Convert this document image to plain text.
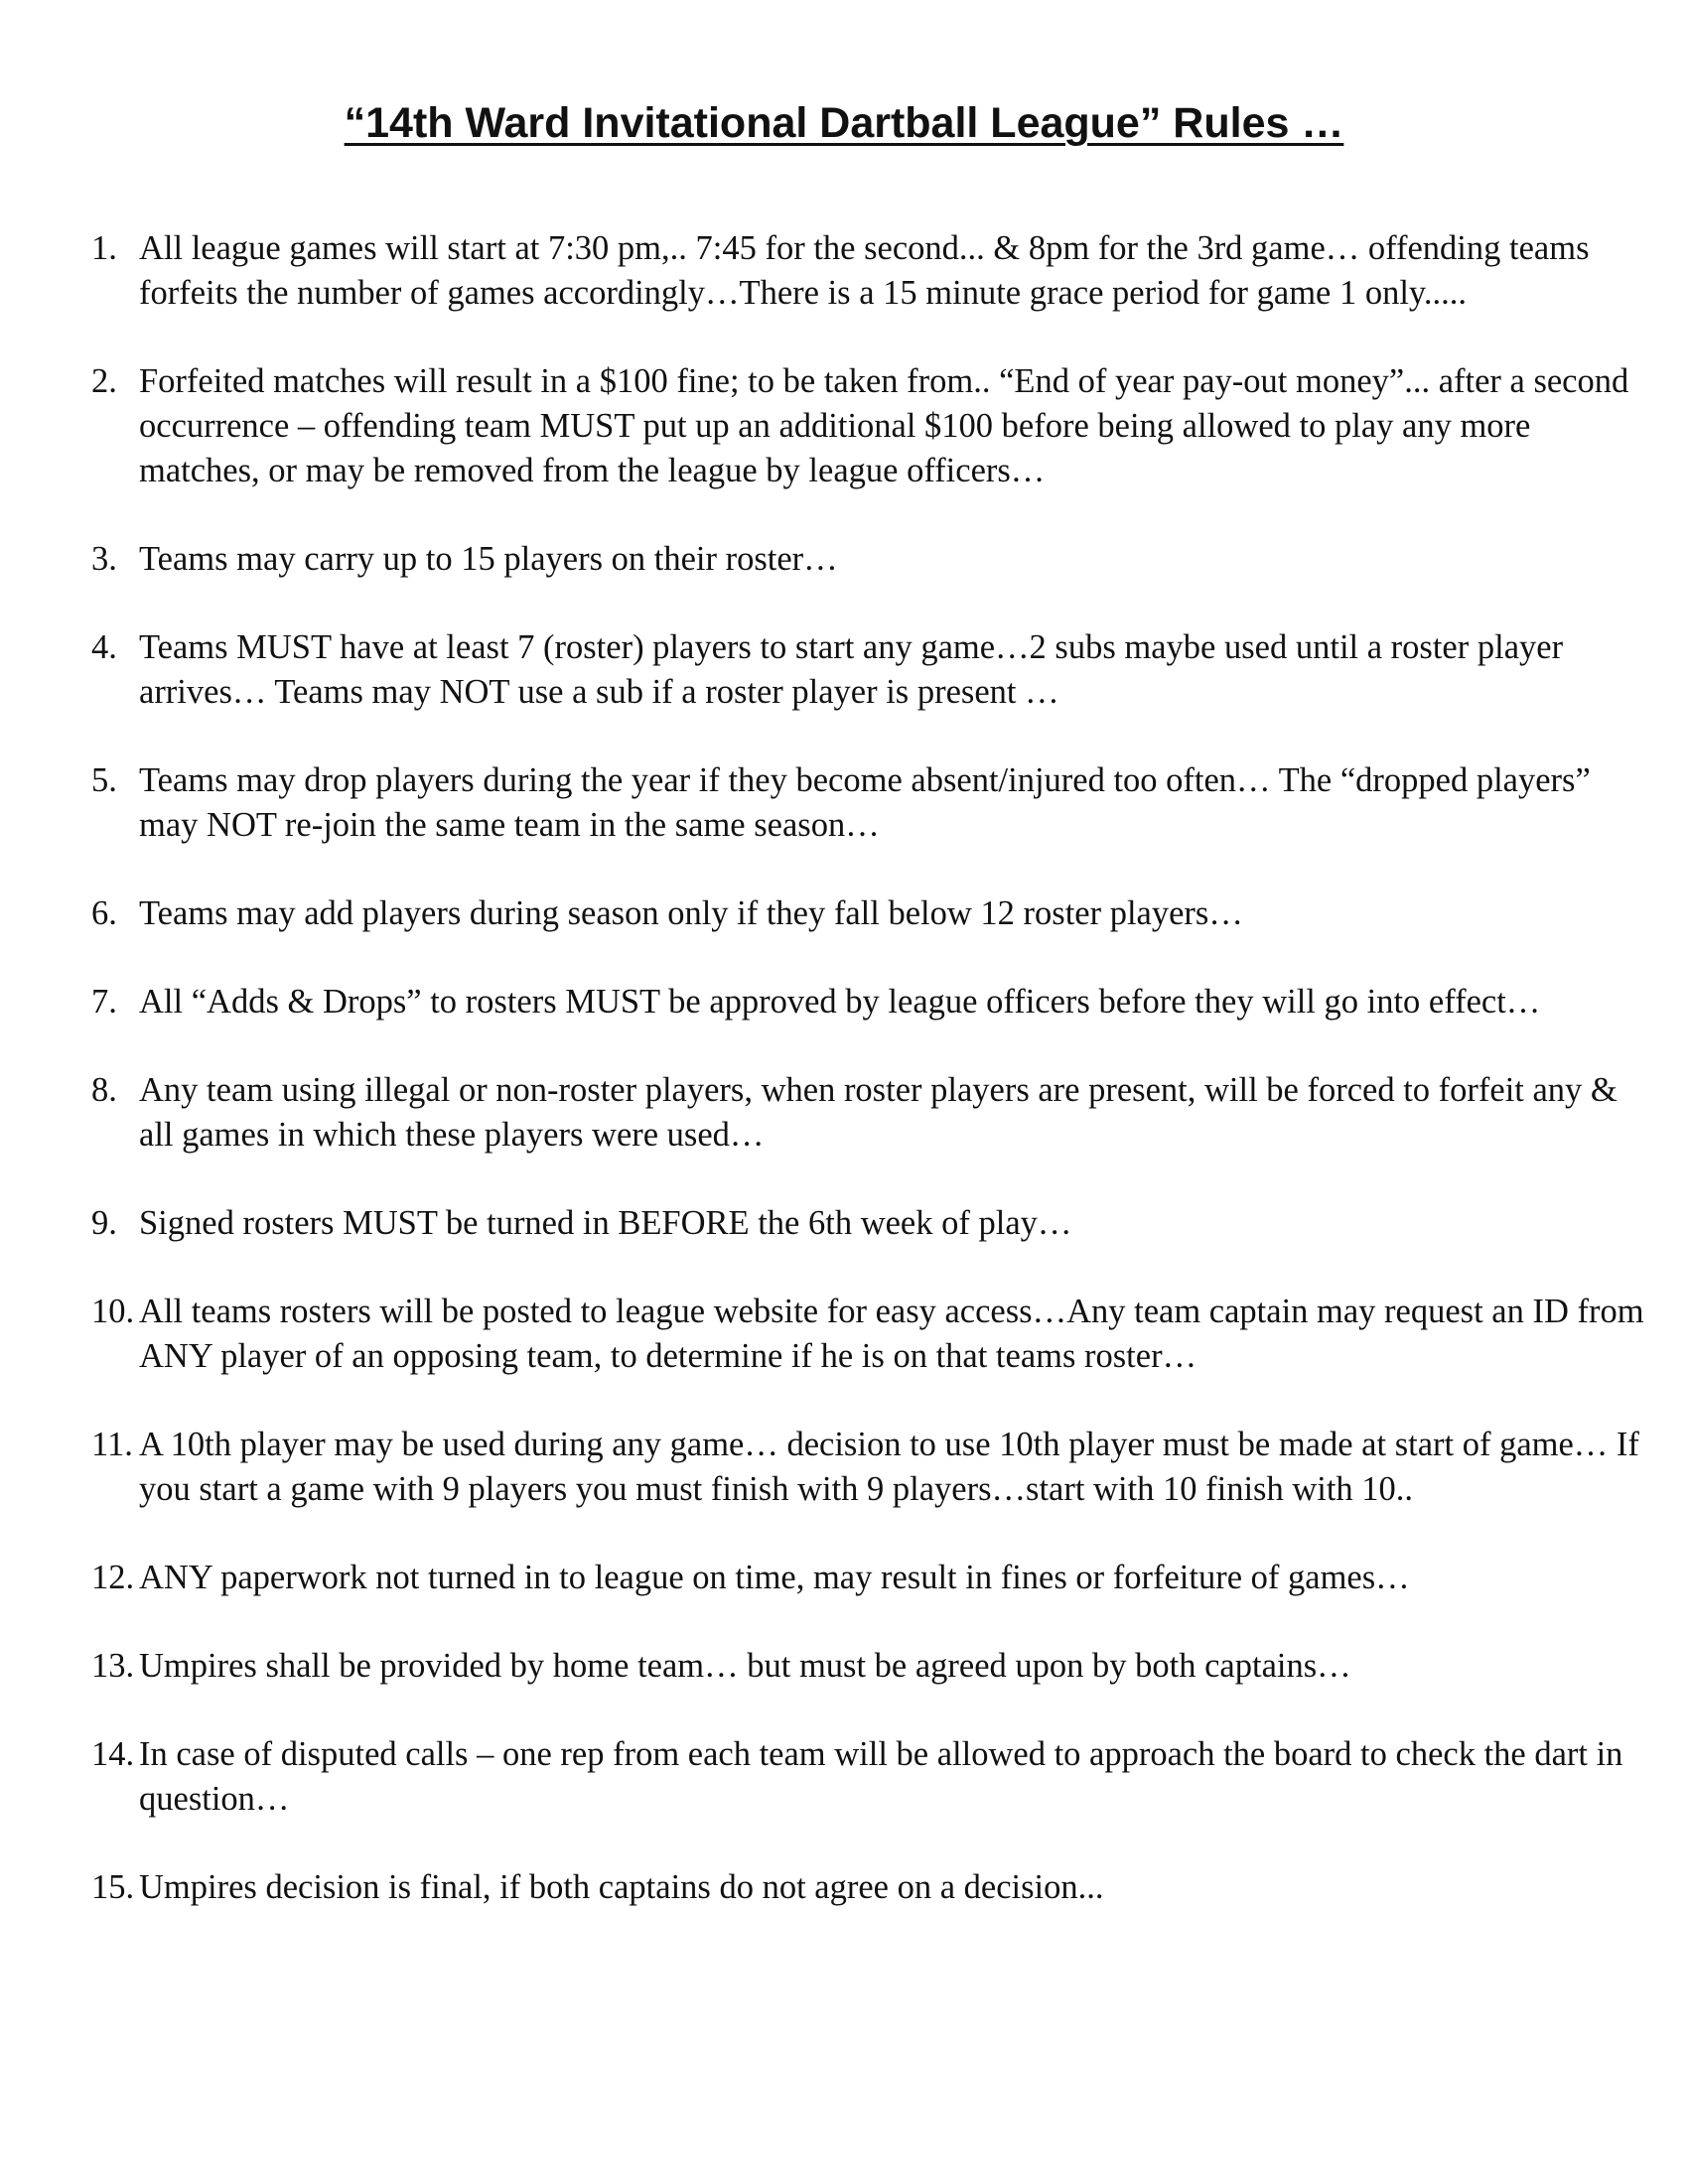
“14th Ward Invitational Dartball League” Rules …
1. All league games will start at 7:30 pm,.. 7:45 for the second... & 8pm for the 3rd game… offending teams forfeits the number of games accordingly…There is a 15 minute grace period for game 1 only.....
2. Forfeited matches will result in a $100 fine; to be taken from.. “End of year pay-out money”... after a second occurrence – offending team MUST put up an additional $100 before being allowed to play any more matches, or may be removed from the league by league officers…
3. Teams may carry up to 15 players on their roster…
4. Teams MUST have at least 7 (roster) players to start any game…2 subs maybe used until a roster player arrives… Teams may NOT use a sub if a roster player is present …
5. Teams may drop players during the year if they become absent/injured too often… The “dropped players” may NOT re-join the same team in the same season…
6. Teams may add players during season only if they fall below 12 roster players…
7. All “Adds & Drops” to rosters MUST be approved by league officers before they will go into effect…
8. Any team using illegal or non-roster players, when roster players are present, will be forced to forfeit any & all games in which these players were used…
9. Signed rosters MUST be turned in BEFORE the 6th week of play…
10. All teams rosters will be posted to league website for easy access…Any team captain may request an ID from ANY player of an opposing team, to determine if he is on that teams roster…
11. A 10th player may be used during any game… decision to use 10th player must be made at start of game… If you start a game with 9 players you must finish with 9 players…start with 10 finish with 10..
12. ANY paperwork not turned in to league on time, may result in fines or forfeiture of games…
13. Umpires shall be provided by home team… but must be agreed upon by both captains…
14. In case of disputed calls – one rep from each team will be allowed to approach the board to check the dart in question…
15. Umpires decision is final, if both captains do not agree on a decision...
